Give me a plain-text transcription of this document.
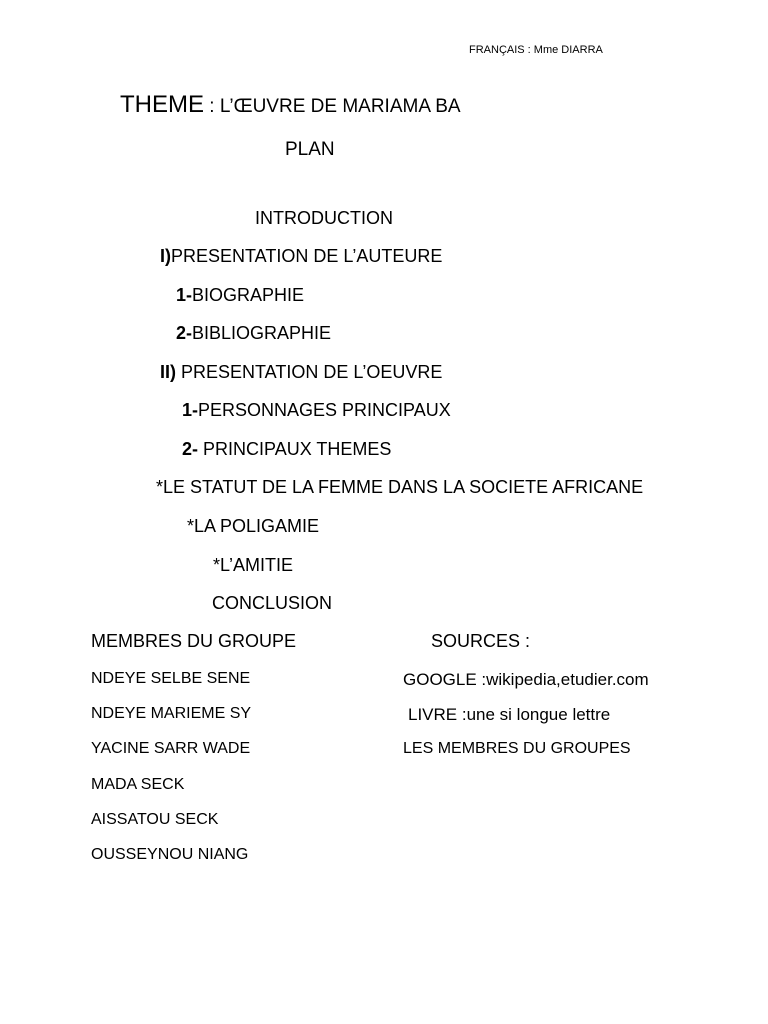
FRANÇAIS : Mme DIARRA
THEME : L’ŒUVRE DE MARIAMA BA
PLAN
INTRODUCTION
I)PRESENTATION DE L’AUTEURE
1-BIOGRAPHIE
2-BIBLIOGRAPHIE
II) PRESENTATION DE L’OEUVRE
1-PERSONNAGES PRINCIPAUX
2- PRINCIPAUX THEMES
*LE STATUT DE LA FEMME DANS LA SOCIETE AFRICANE
*LA POLIGAMIE
*L’AMITIE
CONCLUSION
MEMBRES DU GROUPE	SOURCES :
NDEYE SELBE SENE
NDEYE MARIEME SY
YACINE SARR WADE
MADA SECK
AISSATOU SECK
OUSSEYNOU NIANG
GOOGLE :wikipedia,etudier.com
LIVRE :une si longue lettre
LES MEMBRES DU GROUPES
